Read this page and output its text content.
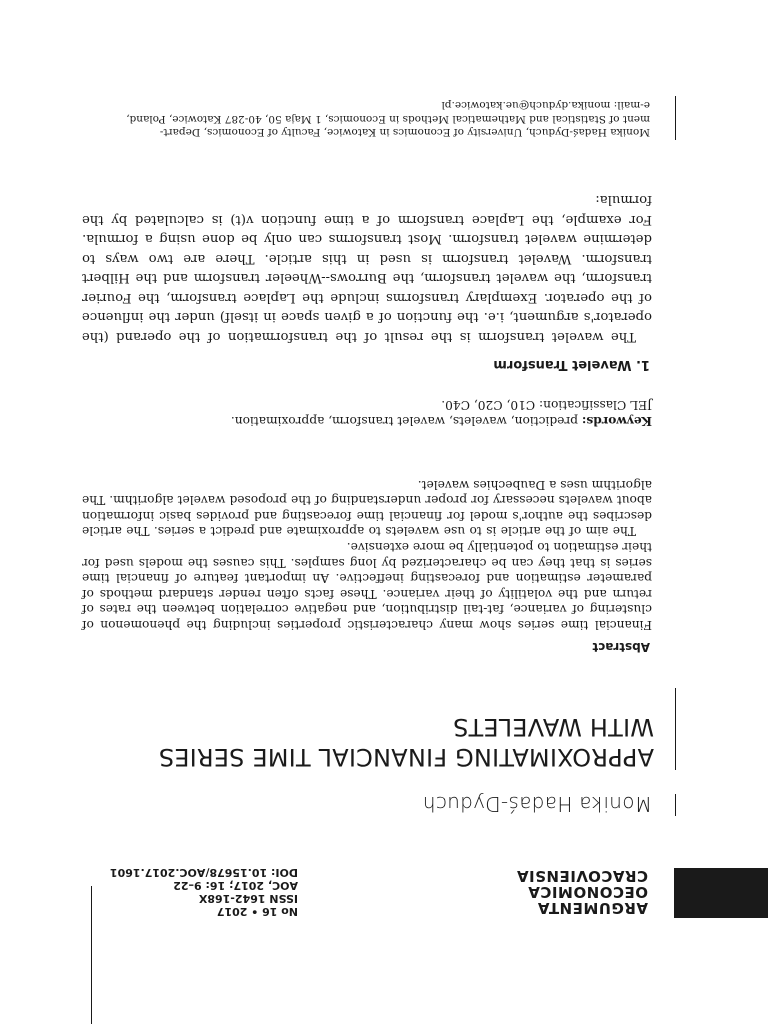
ARGUMENTA
OECONOMICA
CRACOVIENSIA
No 16 • 2017
ISSN 1642-168X
AOC, 2017; 16: 9–22
DOI: 10.15678/AOC.2017.1601
Monika Hadaś-Dyduch
APPROXIMATING FINANCIAL TIME SERIES
WITH WAVELETS
Abstract

Financial time series show many characteristic properties including the phenomenon of clustering of variance, fat-tail distribution, and negative correlation between the rates of return and the volatility of their variance. These facts often render standard methods of parameter estimation and forecasting ineffective. An important feature of financial time series is that they can be characterized by long samples. This causes the models used for their estimation to potentially be more extensive.

The aim of the article is to use wavelets to approximate and predict a series. The article describes the author's model for financial time forecasting and provides basic information about wavelets necessary for proper understanding of the proposed wavelet algorithm. The algorithm uses a Daubechies wavelet.

Keywords: prediction, wavelets, wavelet transform, approximation.
JEL Classification: C10, C20, C40.
1. Wavelet Transform

The wavelet transform is the result of the transformation of the operand (the operator's argument, i.e. the function of a given space in itself) under the influence of the operator. Exemplary transforms include the Laplace transform, the Fourier transform, the wavelet transform, the Burrows--Wheeler transform and the Hilbert transform. Wavelet transform is used in this article. There are two ways to determine wavelet transform. Most transforms can only be done using a formula. For example, the Laplace transform of a time function v(t) is calculated by the formula:

Monika Hadaś-Dyduch, University of Economics in Katowice, Faculty of Economics, Depart-
ment of Statistical and Mathematical Methods in Economics, 1 Maja 50, 40-287 Katowice, Poland,
e-mail: monika.dyduch@ue.katowice.pl
